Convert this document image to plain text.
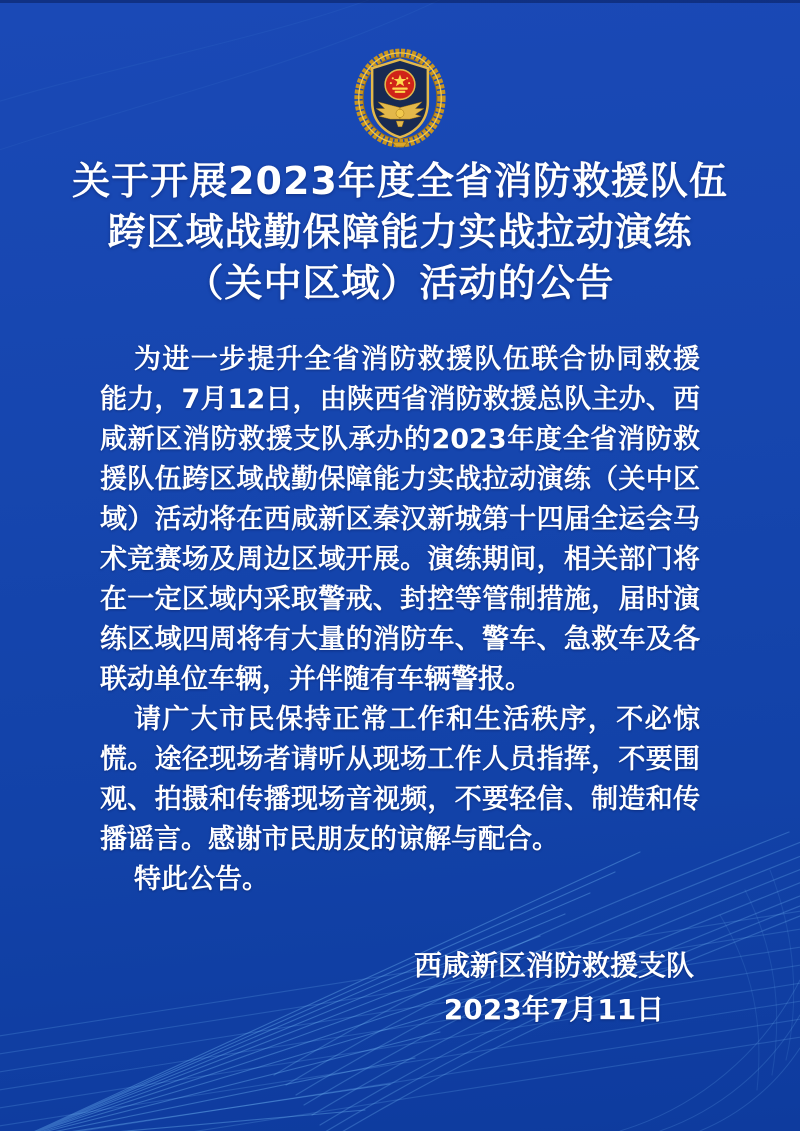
关于开展2023年度全省消防救援队伍
跨区域战勤保障能力实战拉动演练
（关中区域）活动的公告

为进一步提升全省消防救援队伍联合协同救援能力，7月12日，由陕西省消防救援总队主办、西咸新区消防救援支队承办的2023年度全省消防救援队伍跨区域战勤保障能力实战拉动演练（关中区域）活动将在西咸新区秦汉新城第十四届全运会马术竞赛场及周边区域开展。演练期间，相关部门将在一定区域内采取警戒、封控等管制措施，届时演练区域四周将有大量的消防车、警车、急救车及各联动单位车辆，并伴随有车辆警报。

请广大市民保持正常工作和生活秩序，不必惊慌。途径现场者请听从现场工作人员指挥，不要围观、拍摄和传播现场音视频，不要轻信、制造和传播谣言。感谢市民朋友的谅解与配合。

特此公告。

西咸新区消防救援支队
2023年7月11日
